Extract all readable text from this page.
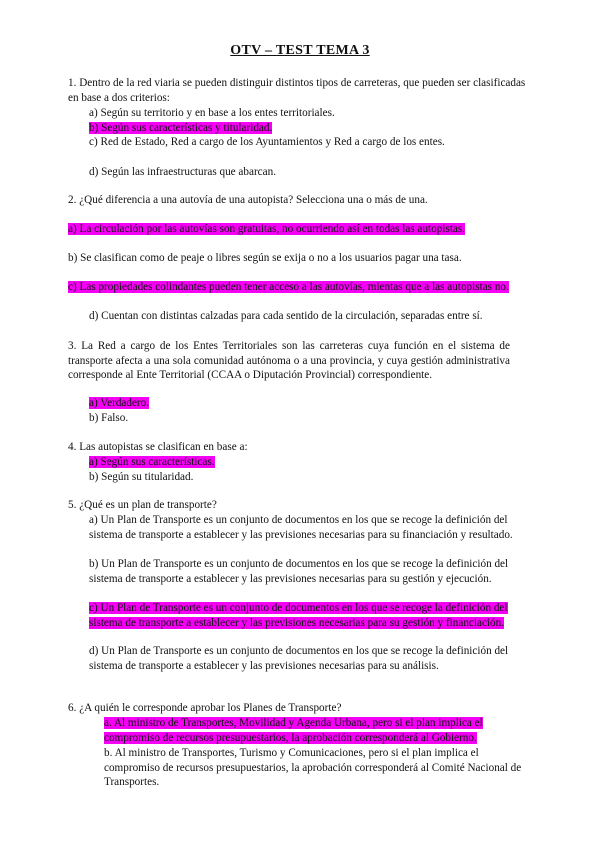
OTV – TEST TEMA 3
1. Dentro de la red viaria se pueden distinguir distintos tipos de carreteras, que pueden ser clasificadas en base a dos criterios:
a) Según su territorio y en base a los entes territoriales.
b) Según sus características y titularidad.
c) Red de Estado, Red a cargo de los Ayuntamientos y Red a cargo de los entes.
d) Según las infraestructuras que abarcan.
2. ¿Qué diferencia a una autovía de una autopista? Selecciona una o más de una.
a) La circulación por las autovías son gratuitas, no ocurriendo así en todas las autopistas.
b) Se clasifican como de peaje o libres según se exija o no a los usuarios pagar una tasa.
c) Las propiedades colindantes pueden tener acceso a las autovías, mientas que a las autopistas no.
d) Cuentan con distintas calzadas para cada sentido de la circulación, separadas entre sí.
3. La Red a cargo de los Entes Territoriales son las carreteras cuya función en el sistema de transporte afecta a una sola comunidad autónoma o a una provincia, y cuya gestión administrativa corresponde al Ente Territorial (CCAA o Diputación Provincial) correspondiente.
a) Verdadero.
b) Falso.
4. Las autopistas se clasifican en base a:
a) Según sus características.
b) Según su titularidad.
5. ¿Qué es un plan de transporte?
a) Un Plan de Transporte es un conjunto de documentos en los que se recoge la definición del sistema de transporte a establecer y las previsiones necesarias para su financiación y resultado.
b) Un Plan de Transporte es un conjunto de documentos en los que se recoge la definición del sistema de transporte a establecer y las previsiones necesarias para su gestión y ejecución.
c) Un Plan de Transporte es un conjunto de documentos en los que se recoge la definición del sistema de transporte a establecer y las previsiones necesarias para su gestión y financiación.
d) Un Plan de Transporte es un conjunto de documentos en los que se recoge la definición del sistema de transporte a establecer y las previsiones necesarias para su análisis.
6. ¿A quién le corresponde aprobar los Planes de Transporte?
a. Al ministro de Transportes, Movilidad y Agenda Urbana, pero si el plan implica el compromiso de recursos presupuestarios, la aprobación corresponderá al Gobierno.
b. Al ministro de Transportes, Turismo y Comunicaciones, pero si el plan implica el compromiso de recursos presupuestarios, la aprobación corresponderá al Comité Nacional de Transportes.
